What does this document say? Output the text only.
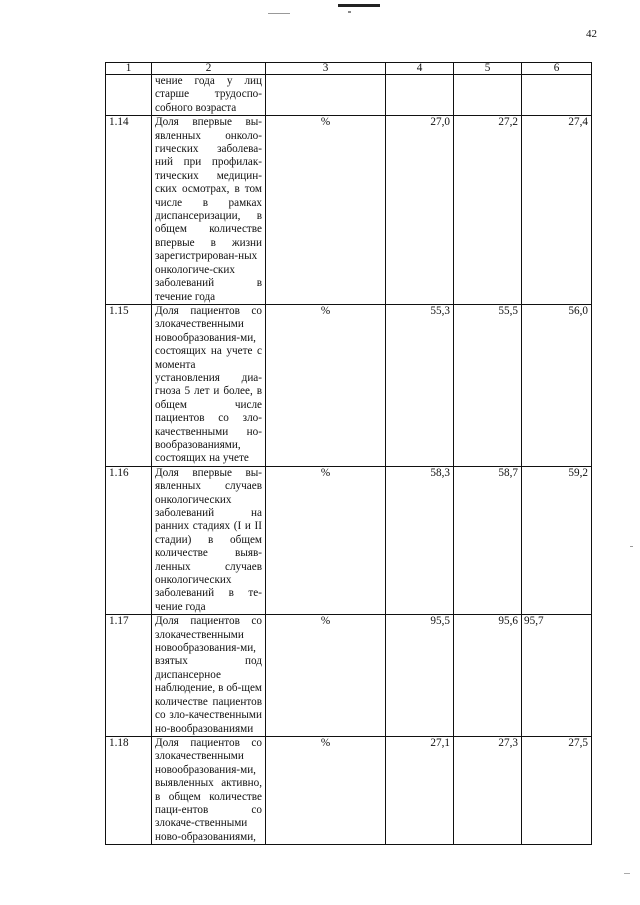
42
1	2	3	4	5	6
	чение года у лиц старше трудоспо-собного возраста				
1.14	Доля впервые вы-явленных онколо-гических заболева-ний при профилак-тических медицин-ских осмотрах, в том числе в рамках диспансеризации, в общем количестве впервые в жизни зарегистрирован-ных онкологиче-ских заболеваний в течение года	%	27,0	27,2	27,4
1.15	Доля пациентов со злокачественными новообразования-ми, состоящих на учете с момента установления диа-гноза 5 лет и более, в общем числе пациентов со зло-качественными но-вообразованиями, состоящих на учете	%	55,3	55,5	56,0
1.16	Доля впервые вы-явленных случаев онкологических заболеваний на ранних стадиях (I и II стадии) в общем количестве выяв-ленных случаев онкологических заболеваний в те-чение года	%	58,3	58,7	59,2
1.17	Доля пациентов со злокачественными новообразования-ми, взятых под диспансерное наблюдение, в об-щем количестве пациентов со зло-качественными но-вообразованиями	%	95,5	95,6	95,7
1.18	Доля пациентов со злокачественными новообразования-ми, выявленных активно, в общем количестве паци-ентов со злокаче-ственными ново-образованиями,	%	27,1	27,3	27,5
